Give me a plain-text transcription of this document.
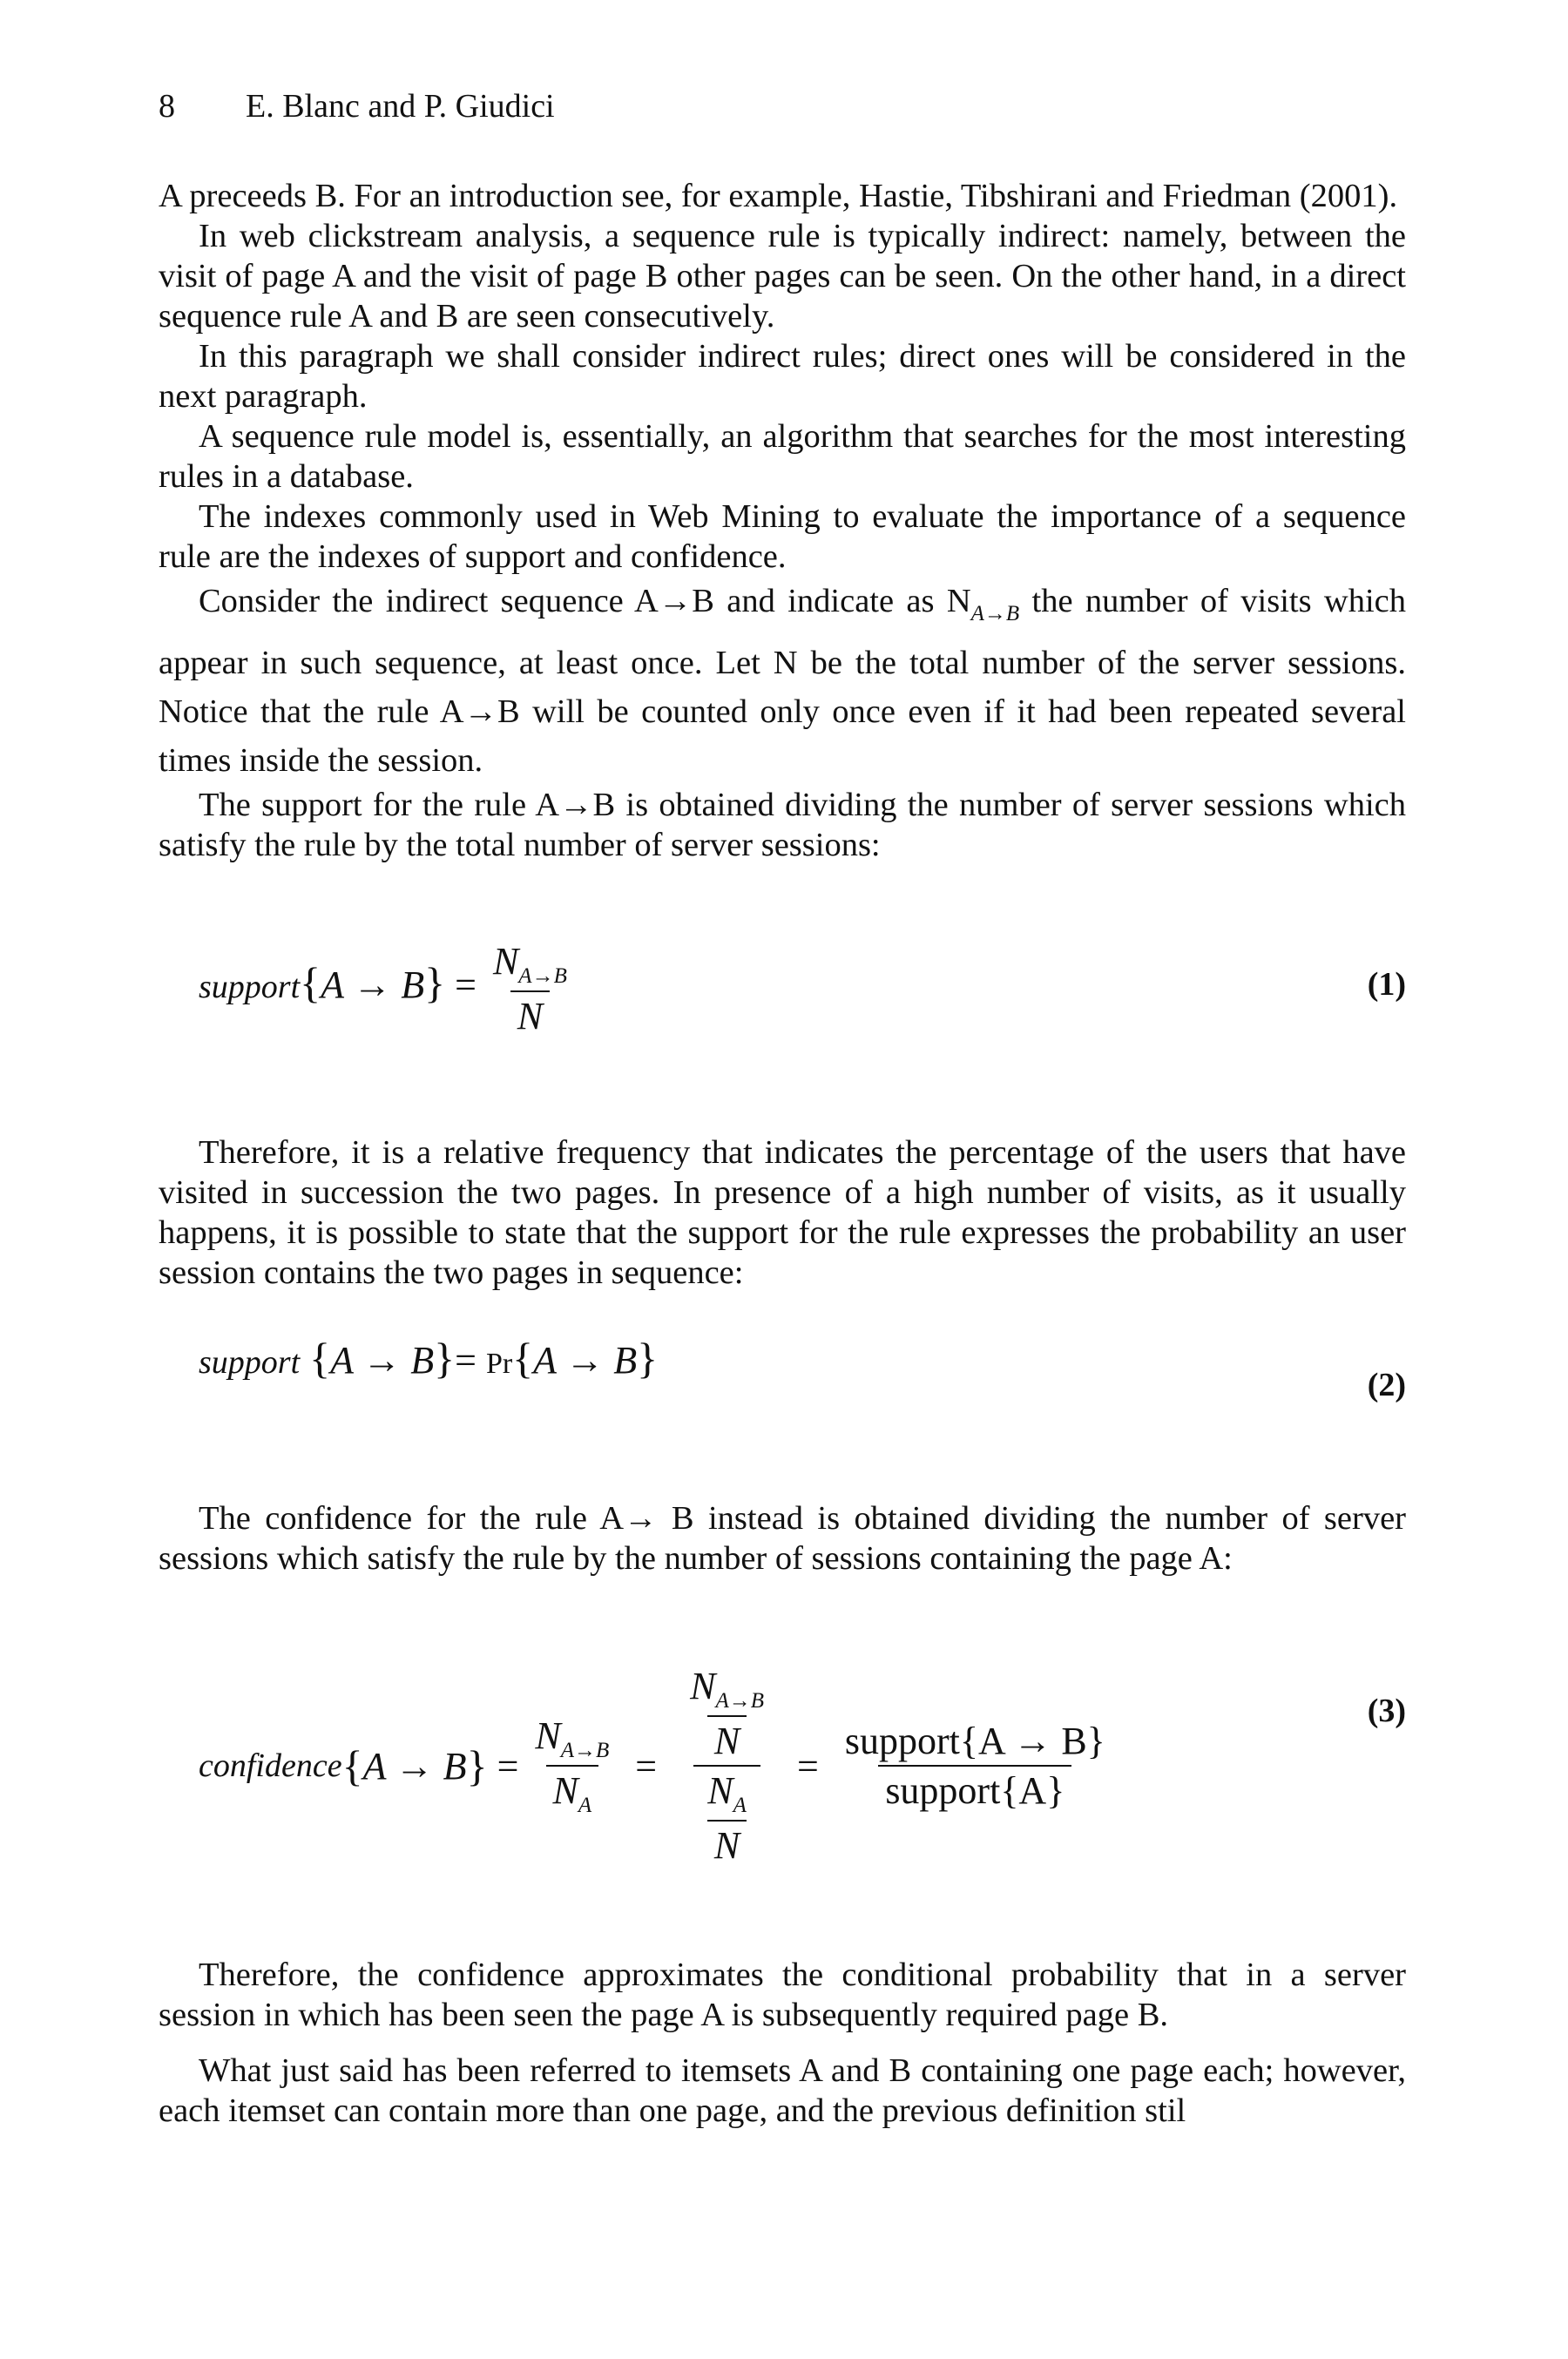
8 E. Blanc and P. Giudici

A preceeds B. For an introduction see, for example, Hastie, Tibshirani and Friedman (2001).

In web clickstream analysis, a sequence rule is typically indirect: namely, between the visit of page A and the visit of page B other pages can be seen. On the other hand, in a direct sequence rule A and B are seen consecutively.

In this paragraph we shall consider indirect rules; direct ones will be considered in the next paragraph.

A sequence rule model is, essentially, an algorithm that searches for the most interesting rules in a database.

The indexes commonly used in Web Mining to evaluate the importance of a sequence rule are the indexes of support and confidence.

Consider the indirect sequence A→B and indicate as $N_{A\to B}$ the number of visits which appear in such sequence, at least once. Let N be the total number of the server sessions. Notice that the rule A→B will be counted only once even if it had been repeated several times inside the session.

The support for the rule A→B is obtained dividing the number of server sessions which satisfy the rule by the total number of server sessions:

support{A → $B\} = \frac{N_{A\to B}}{N}$	(1)

Therefore, it is a relative frequency that indicates the percentage of the users that have visited in succession the two pages. In presence of a high number of visits, as it usually happens, it is possible to state that the support for the rule expresses the probability an user session contains the two pages in sequence:

support {A → B}= Pr{A → B}
(2)

The confidence for the rule A→ B instead is obtained dividing the number of server sessions which satisfy the rule by the number of sessions containing the page A:

confidence { A → B } = $\frac{N_{A\to B}}{N_A} = \frac{\frac{N_{A\to B}}{N}}{\frac{N_A}{N}} = \frac{\text{support\{A → B\}}}{\text{support\{A\}}}$
(3)

Therefore, the confidence approximates the conditional probability that in a server session in which has been seen the page A is subsequently required page B.

What just said has been referred to itemsets A and B containing one page each; however, each itemset can contain more than one page, and the previous definition stil
